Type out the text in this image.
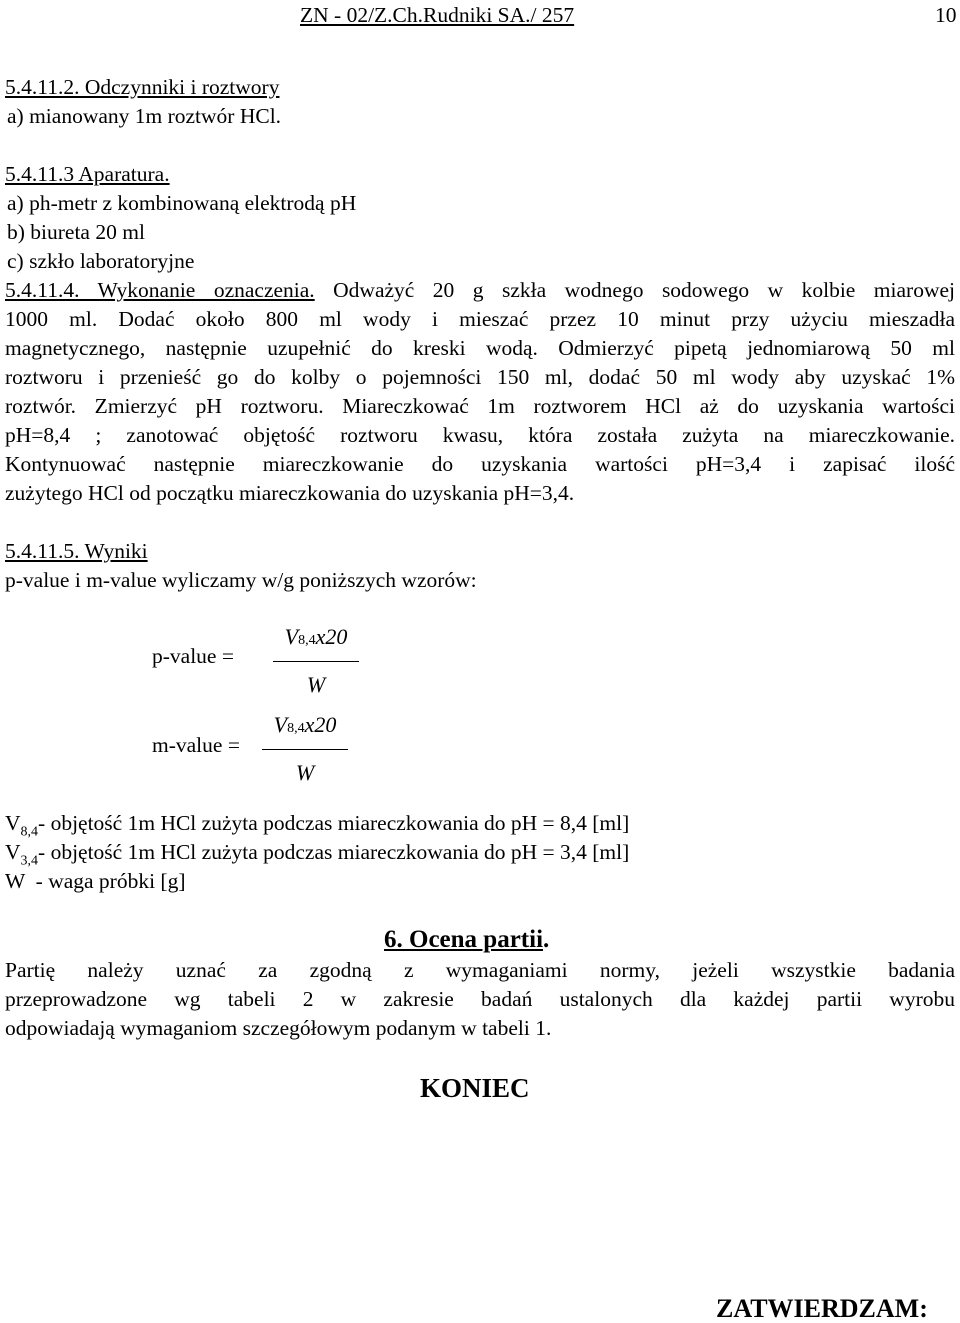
ZN - 02/Z.Ch.Rudniki SA./ 257	10
5.4.11.2. Odczynniki i roztwory
a) mianowany 1m roztwór HCl.
5.4.11.3 Aparatura.
a) ph-metr z kombinowaną elektrodą pH
b) biureta 20 ml
c) szkło laboratoryjne
5.4.11.4. Wykonanie oznaczenia. Odważyć 20 g szkła wodnego sodowego w kolbie miarowej
1000 ml. Dodać około 800 ml wody i mieszać przez 10 minut przy użyciu mieszadła
magnetycznego, następnie uzupełnić do kreski wodą. Odmierzyć pipetą jednomiarową 50 ml
roztworu i przenieść go do kolby o pojemności 150 ml, dodać 50 ml wody aby uzyskać 1%
roztwór. Zmierzyć pH roztworu. Miareczkować 1m roztworem HCl aż do uzyskania wartości
pH=8,4 ; zanotować objętość roztworu kwasu, która została zużyta na miareczkowanie.
Kontynuować następnie miareczkowanie do uzyskania wartości pH=3,4 i zapisać ilość
zużytego HCl od początku miareczkowania do uzyskania pH=3,4.
5.4.11.5. Wyniki
p-value i m-value wyliczamy w/g poniższych wzorów:
p-value =
V8,4x20
W
m-value =
V8,4x20
W
$V_{8,4}-$ objętość 1m HCl zużyta podczas miareczkowania do pH = 8,4 [ml]
$V_{3,4}-$ objętość 1m HCl zużyta podczas miareczkowania do pH = 3,4 [ml]
W  - waga próbki [g]
6. Ocena partii.
Partię należy uznać za zgodną z wymaganiami normy, jeżeli wszystkie badania
przeprowadzone wg tabeli 2 w zakresie badań ustalonych dla każdej partii wyrobu
odpowiadają wymaganiom szczegółowym podanym w tabeli 1.
KONIEC
ZATWIERDZAM:
